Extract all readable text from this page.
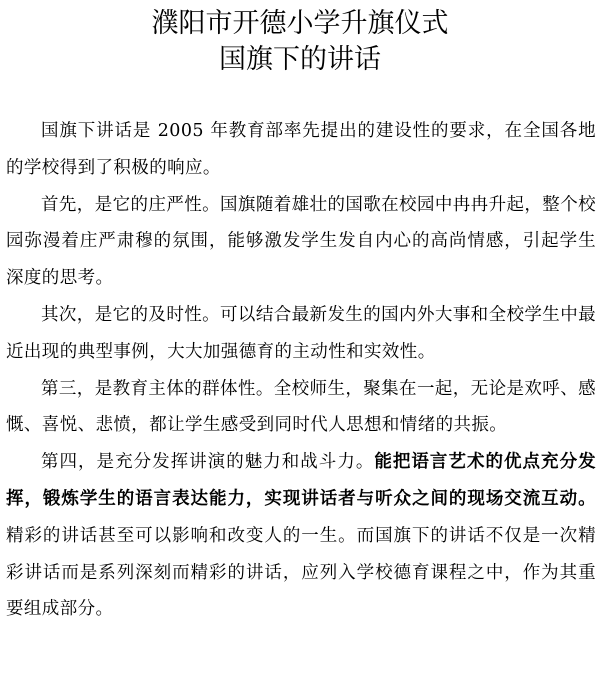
濮阳市开德小学升旗仪式
国旗下的讲话

国旗下讲话是 2005 年教育部率先提出的建设性的要求，在全国各地的学校得到了积极的响应。

首先，是它的庄严性。国旗随着雄壮的国歌在校园中冉冉升起，整个校园弥漫着庄严肃穆的氛围，能够激发学生发自内心的高尚情感，引起学生深度的思考。

其次，是它的及时性。可以结合最新发生的国内外大事和全校学生中最近出现的典型事例，大大加强德育的主动性和实效性。

第三，是教育主体的群体性。全校师生，聚集在一起，无论是欢呼、感慨、喜悦、悲愤，都让学生感受到同时代人思想和情绪的共振。

第四，是充分发挥讲演的魅力和战斗力。能把语言艺术的优点充分发挥，锻炼学生的语言表达能力，实现讲话者与听众之间的现场交流互动。精彩的讲话甚至可以影响和改变人的一生。而国旗下的讲话不仅是一次精彩讲话而是系列深刻而精彩的讲话，应列入学校德育课程之中，作为其重要组成部分。
